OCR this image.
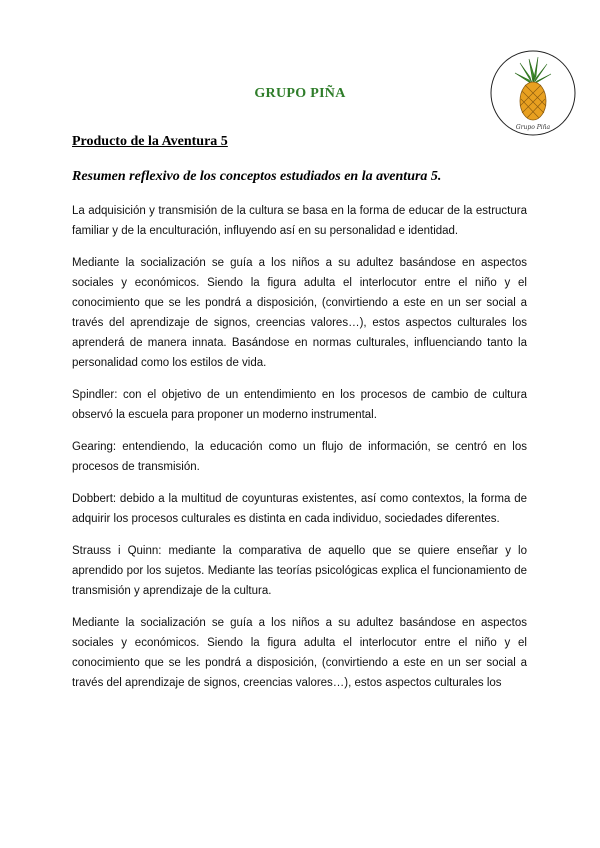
GRUPO PIÑA
Grupo Piña
Producto de la Aventura 5
Resumen reflexivo de los conceptos estudiados en la aventura 5.

La adquisición y transmisión de la cultura se basa en la forma de educar de la estructura familiar y de la enculturación, influyendo así en su personalidad e identidad.

Mediante la socialización se guía a los niños a su adultez basándose en aspectos sociales y económicos. Siendo la figura adulta el interlocutor entre el niño y el conocimiento que se les pondrá a disposición, (convirtiendo a este en un ser social a través del aprendizaje de signos, creencias valores…), estos aspectos culturales los aprenderá de manera innata. Basándose en normas culturales, influenciando tanto la personalidad como los estilos de vida.

Spindler: con el objetivo de un entendimiento en los procesos de cambio de cultura observó la escuela para proponer un moderno instrumental.

Gearing: entendiendo, la educación como un flujo de información, se centró en los procesos de transmisión.

Dobbert: debido a la multitud de coyunturas existentes, así como contextos, la forma de adquirir los procesos culturales es distinta en cada individuo, sociedades diferentes.

Strauss i Quinn: mediante la comparativa de aquello que se quiere enseñar y lo aprendido por los sujetos. Mediante las teorías psicológicas explica el funcionamiento de transmisión y aprendizaje de la cultura.

Mediante la socialización se guía a los niños a su adultez basándose en aspectos sociales y económicos. Siendo la figura adulta el interlocutor entre el niño y el conocimiento que se les pondrá a disposición, (convirtiendo a este en un ser social a través del aprendizaje de signos, creencias valores…), estos aspectos culturales los
